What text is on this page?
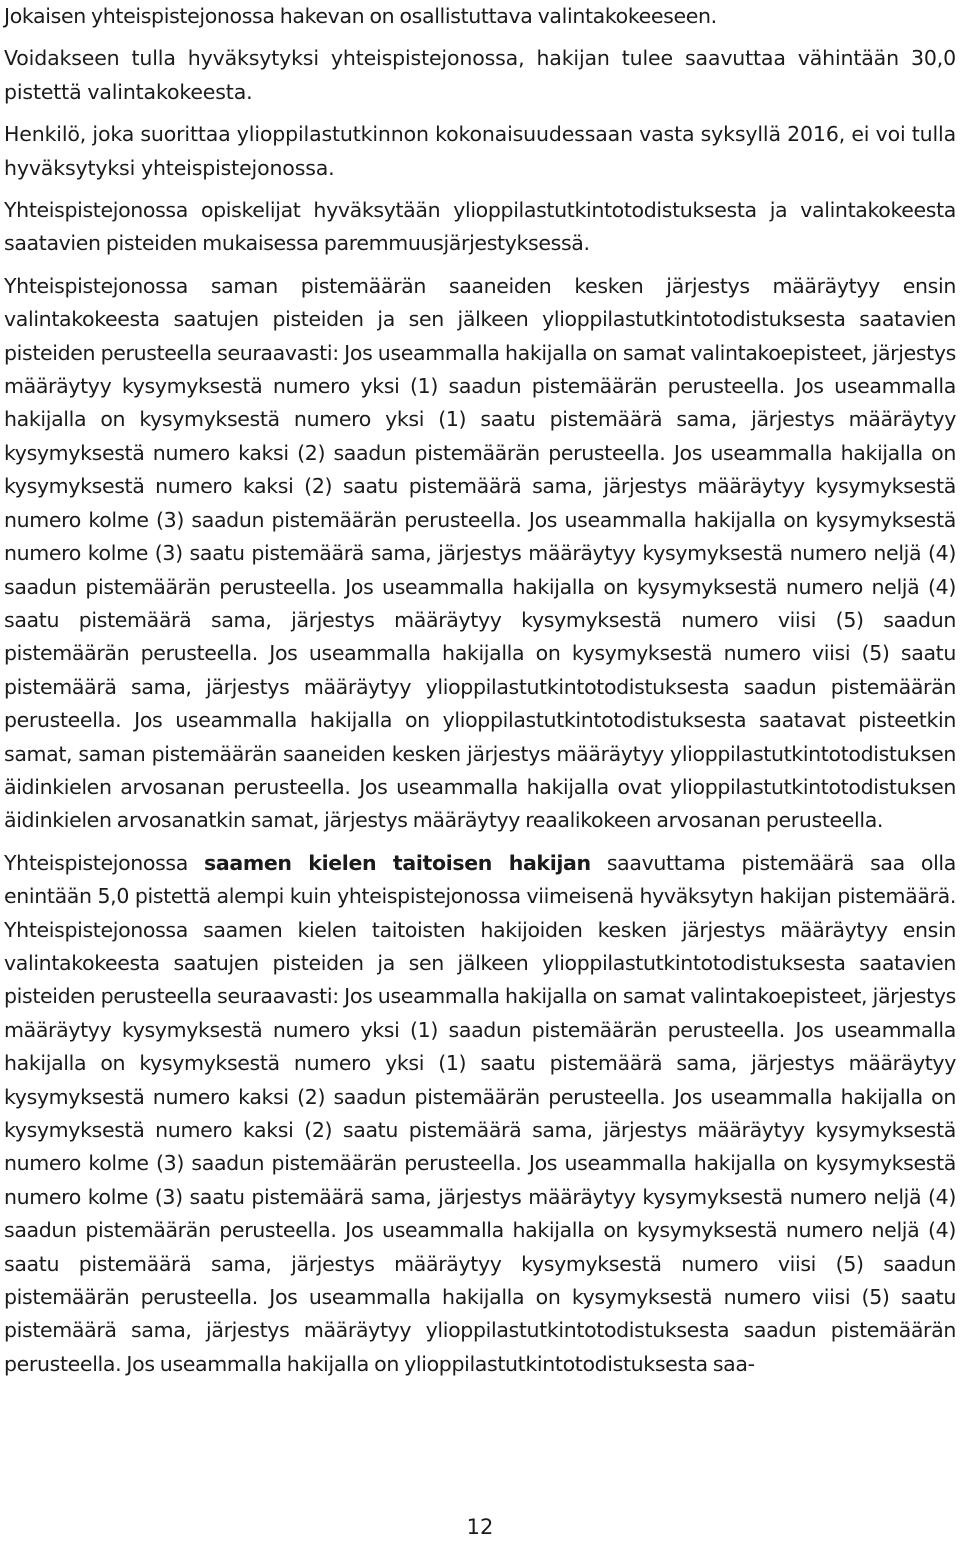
Jokaisen yhteispistejonossa hakevan on osallistuttava valintakokeeseen.

Voidakseen tulla hyväksytyksi yhteispistejonossa, hakijan tulee saavuttaa vähintään 30,0 pistettä valintakokeesta.

Henkilö, joka suorittaa ylioppilastutkinnon kokonaisuudessaan vasta syksyllä 2016, ei voi tulla hyväksytyksi yhteispistejonossa.

Yhteispistejonossa opiskelijat hyväksytään ylioppilastutkintotodistuksesta ja valintakokeesta saatavien pisteiden mukaisessa paremmuusjärjestyksessä.

Yhteispistejonossa saman pistemäärän saaneiden kesken järjestys määräytyy ensin valintakokeesta saatujen pisteiden ja sen jälkeen ylioppilastutkintotodistuksesta saatavien pisteiden perusteella seuraavasti: Jos useammalla hakijalla on samat valintakoepisteet, järjestys määräytyy kysymyksestä numero yksi (1) saadun pistemäärän perusteella. Jos useammalla hakijalla on kysymyksestä numero yksi (1) saatu pistemäärä sama, järjestys määräytyy kysymyksestä numero kaksi (2) saadun pistemäärän perusteella. Jos useammalla hakijalla on kysymyksestä numero kaksi (2) saatu pistemäärä sama, järjestys määräytyy kysymyksestä numero kolme (3) saadun pistemäärän perusteella. Jos useammalla hakijalla on kysymyksestä numero kolme (3) saatu pistemäärä sama, järjestys määräytyy kysymyksestä numero neljä (4) saadun pistemäärän perusteella. Jos useammalla hakijalla on kysymyksestä numero neljä (4) saatu pistemäärä sama, järjestys määräytyy kysymyksestä numero viisi (5) saadun pistemäärän perusteella. Jos useammalla hakijalla on kysymyksestä numero viisi (5) saatu pistemäärä sama, järjestys määräytyy ylioppilastutkintotodistuksesta saadun pistemäärän perusteella. Jos useammalla hakijalla on ylioppilastutkintotodistuksesta saatavat pisteetkin samat, saman pistemäärän saaneiden kesken järjestys määräytyy ylioppilastutkintotodistuksen äidinkielen arvosanan perusteella. Jos useammalla hakijalla ovat ylioppilastutkintotodistuksen äidinkielen arvosanatkin samat, järjestys määräytyy reaalikokeen arvosanan perusteella.

Yhteispistejonossa saamen kielen taitoisen hakijan saavuttama pistemäärä saa olla enintään 5,0 pistettä alempi kuin yhteispistejonossa viimeisenä hyväksytyn hakijan pistemäärä. Yhteispistejonossa saamen kielen taitoisten hakijoiden kesken järjestys määräytyy ensin valintakokeesta saatujen pisteiden ja sen jälkeen ylioppilastutkintotodistuksesta saatavien pisteiden perusteella seuraavasti: Jos useammalla hakijalla on samat valintakoepisteet, järjestys määräytyy kysymyksestä numero yksi (1) saadun pistemäärän perusteella. Jos useammalla hakijalla on kysymyksestä numero yksi (1) saatu pistemäärä sama, järjestys määräytyy kysymyksestä numero kaksi (2) saadun pistemäärän perusteella. Jos useammalla hakijalla on kysymyksestä numero kaksi (2) saatu pistemäärä sama, järjestys määräytyy kysymyksestä numero kolme (3) saadun pistemäärän perusteella. Jos useammalla hakijalla on kysymyksestä numero kolme (3) saatu pistemäärä sama, järjestys määräytyy kysymyksestä numero neljä (4) saadun pistemäärän perusteella. Jos useammalla hakijalla on kysymyksestä numero neljä (4) saatu pistemäärä sama, järjestys määräytyy kysymyksestä numero viisi (5) saadun pistemäärän perusteella. Jos useammalla hakijalla on kysymyksestä numero viisi (5) saatu pistemäärä sama, järjestys määräytyy ylioppilastutkintotodistuksesta saadun pistemäärän perusteella. Jos useammalla hakijalla on ylioppilastutkintotodistuksesta saa-

12
